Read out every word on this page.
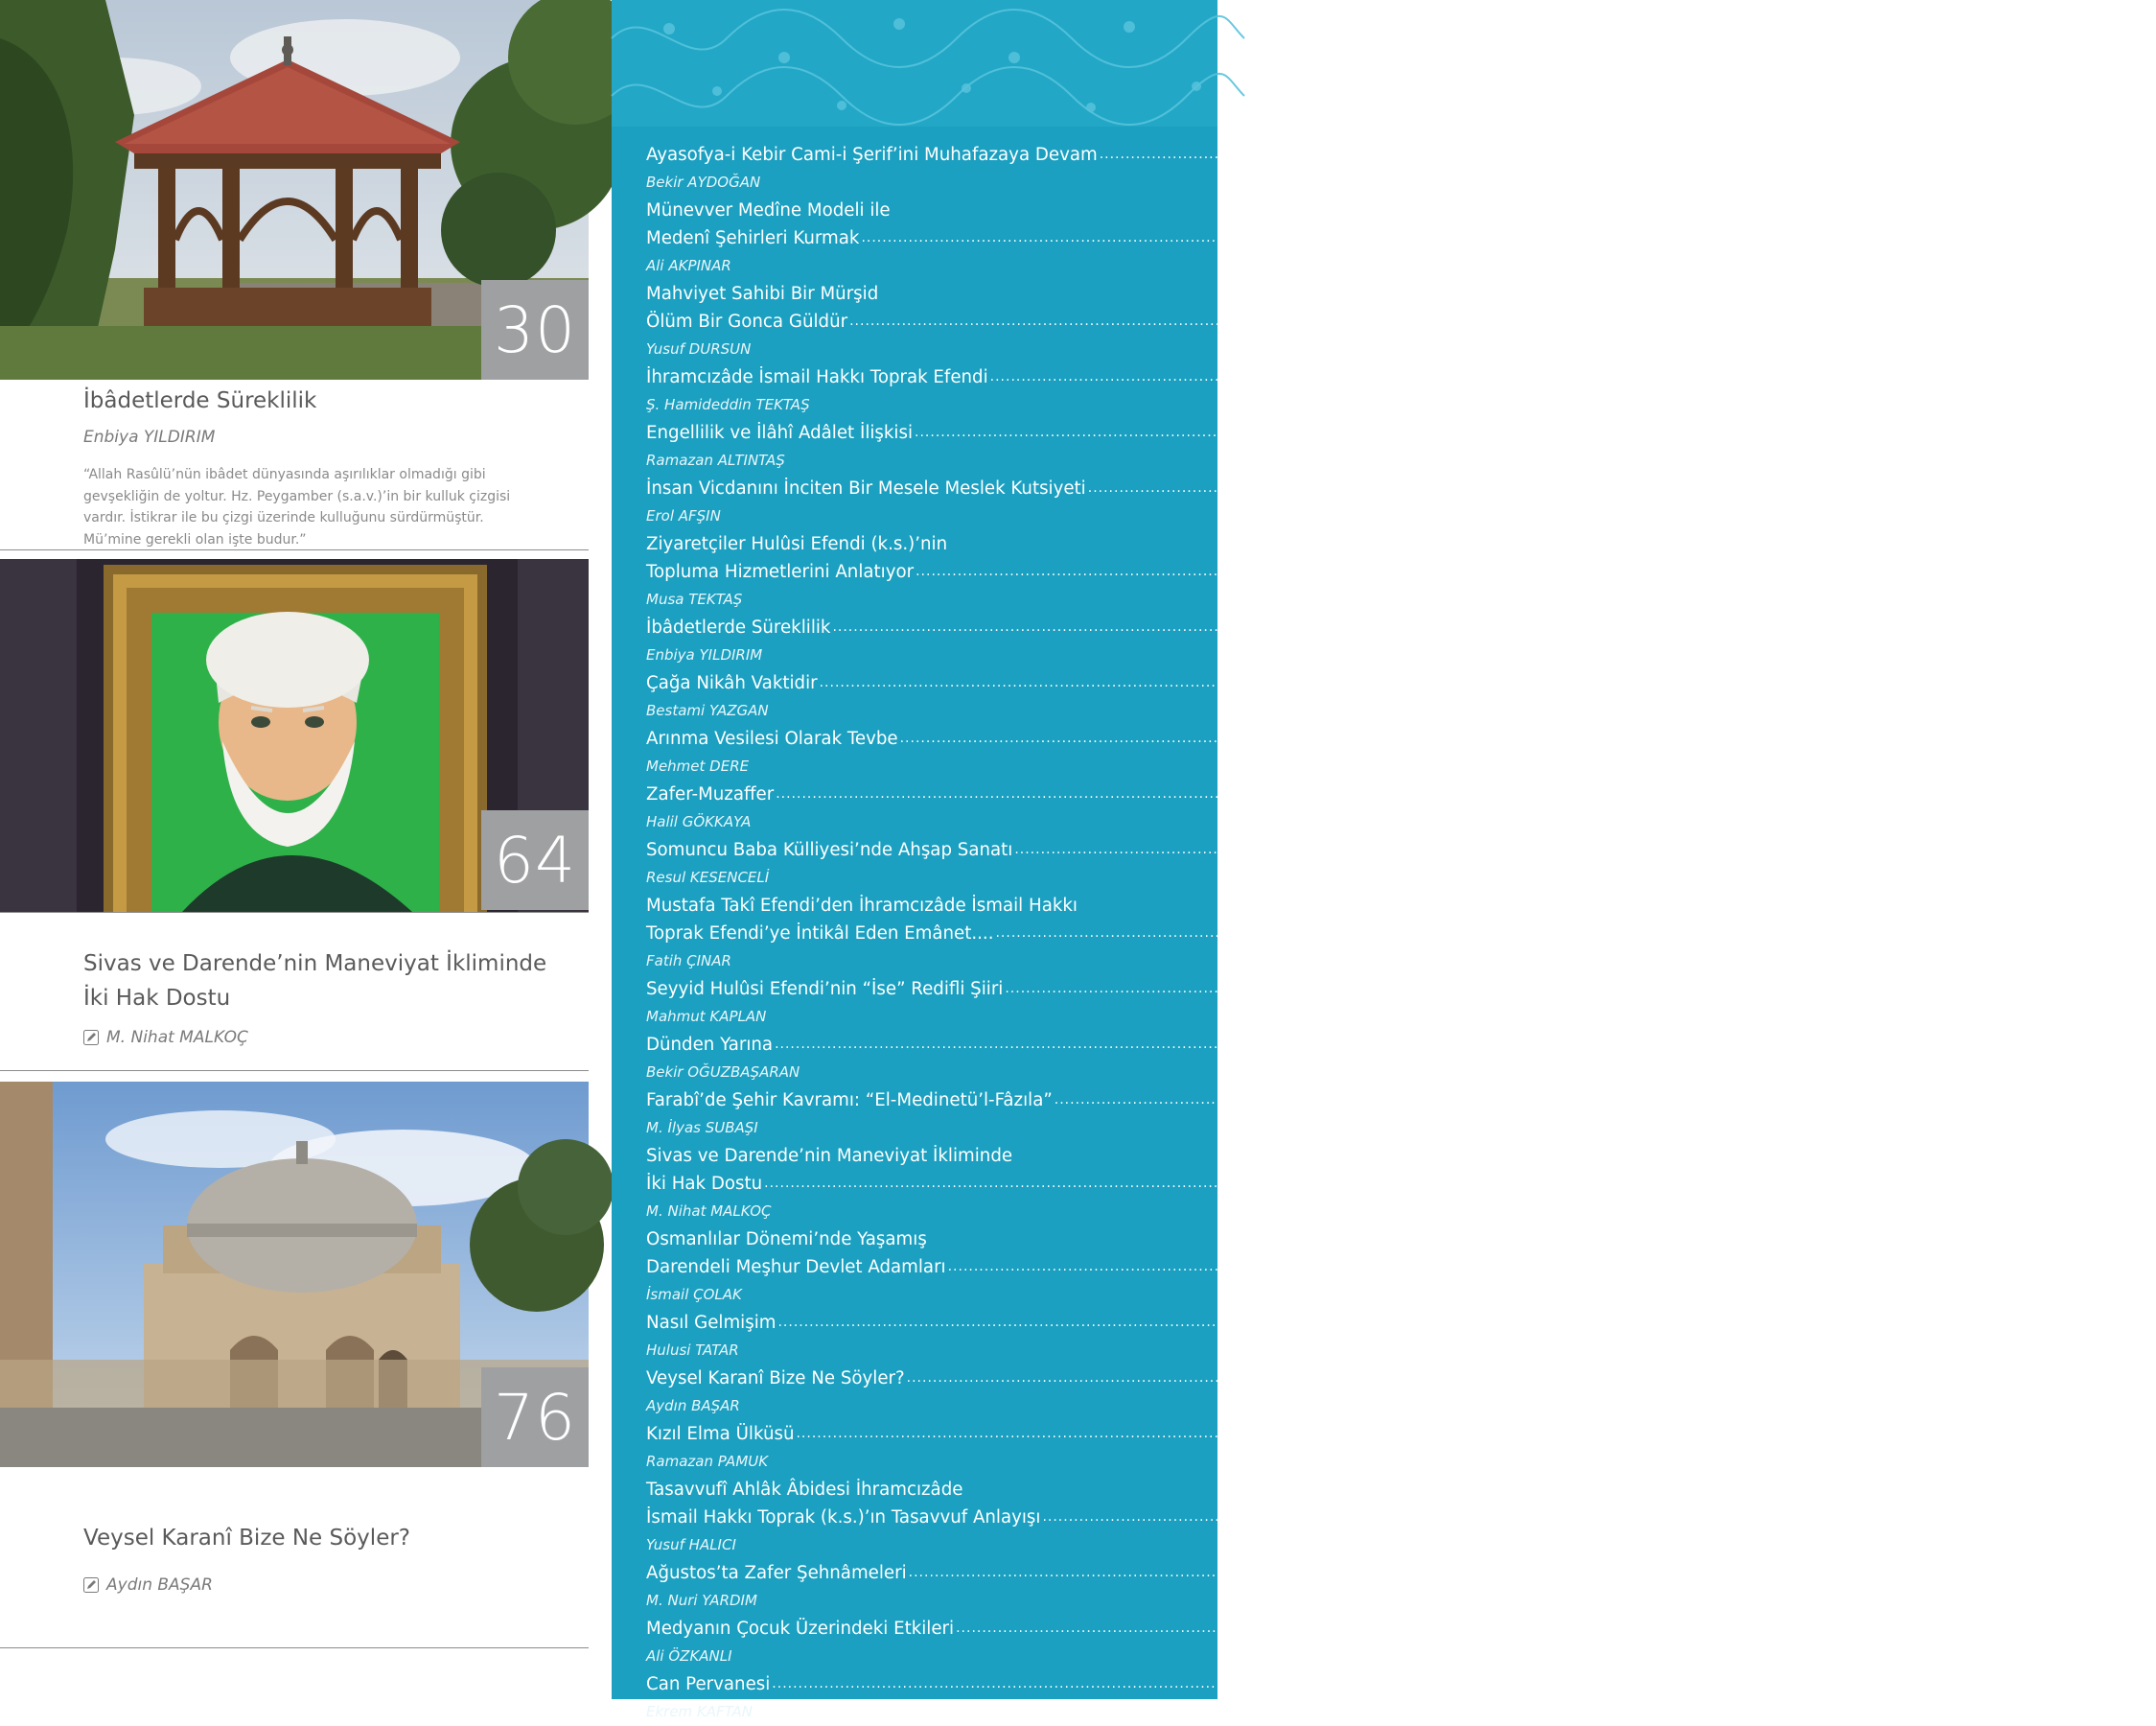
30
İbâdetlerde Süreklilik
Enbiya YILDIRIM
“Allah Rasûlü’nün ibâdet dünyasında aşırılıklar olmadığı gibi gevşekliğin de yoltur. Hz. Peygamber (s.a.v.)’in bir kulluk çizgisi vardır. İstikrar ile bu çizgi üzerinde kulluğunu sürdürmüştür. Mü’mine gerekli olan işte budur.”
64
Sivas ve Darende’nin Maneviyat İkliminde
İki Hak Dostu
M. Nihat MALKOÇ
76
Veysel Karanî Bize Ne Söyler?
Aydın BAŞAR
Ayasofya-i Kebir Cami-i Şerif’ini Muhafazaya Devam ........................................................................................................................................................................................................ 1
Bekir AYDOĞAN
Münevver Medîne Modeli ile
Medenî Şehirleri Kurmak ........................................................................................................................................................................................................ 6
Ali AKPINAR
Mahviyet Sahibi Bir Mürşid
Ölüm Bir Gonca Güldür ........................................................................................................................................................................................................ 11
Yusuf DURSUN
İhramcızâde İsmail Hakkı Toprak Efendi ........................................................................................................................................................................................................ 12
Ş. Hamideddin TEKTAŞ
Engellilik ve İlâhî Adâlet İlişkisi ........................................................................................................................................................................................................ 18
Ramazan ALTINTAŞ
İnsan Vicdanını İnciten Bir Mesele Meslek Kutsiyeti ........................................................................................................................................................................................................ 22
Erol AFŞIN
Ziyaretçiler Hulûsi Efendi (k.s.)’nin
Topluma Hizmetlerini Anlatıyor ........................................................................................................................................................................................................ 24
Musa TEKTAŞ
İbâdetlerde Süreklilik ........................................................................................................................................................................................................ 30
Enbiya YILDIRIM
Çağa Nikâh Vaktidir ........................................................................................................................................................................................................ 35
Bestami YAZGAN
Arınma Vesilesi Olarak Tevbe ........................................................................................................................................................................................................ 36
Mehmet DERE
Zafer-Muzaffer ........................................................................................................................................................................................................ 41
Halil GÖKKAYA
Somuncu Baba Külliyesi’nde Ahşap Sanatı ........................................................................................................................................................................................................ 42
Resul KESENCELİ
Mustafa Takî Efendi’den İhramcızâde İsmail Hakkı
Toprak Efendi’ye İntikâl Eden Emânet.... ........................................................................................................................................................................................................ 48
Fatih ÇINAR
Seyyid Hulûsi Efendi’nin “İse” Redifli Şiiri ........................................................................................................................................................................................................ 52
Mahmut KAPLAN
Dünden Yarına ........................................................................................................................................................................................................ 57
Bekir OĞUZBAŞARAN
Farabî’de Şehir Kavramı: “El-Medinetü’l-Fâzıla” ........................................................................................................................................................................................................ 58
M. İlyas SUBAŞI
Sivas ve Darende’nin Maneviyat İkliminde
İki Hak Dostu ........................................................................................................................................................................................................ 64
M. Nihat MALKOÇ
Osmanlılar Dönemi’nde Yaşamış
Darendeli Meşhur Devlet Adamları ........................................................................................................................................................................................................ 70
İsmail ÇOLAK
Nasıl Gelmişim ........................................................................................................................................................................................................ 75
Hulusi TATAR
Veysel Karanî Bize Ne Söyler? ........................................................................................................................................................................................................ 76
Aydın BAŞAR
Kızıl Elma Ülküsü ........................................................................................................................................................................................................ 81
Ramazan PAMUK
Tasavvufî Ahlâk Âbidesi İhramcızâde
İsmail Hakkı Toprak (k.s.)’ın Tasavvuf Anlayışı ........................................................................................................................................................................................................ 82
Yusuf HALICI
Ağustos’ta Zafer Şehnâmeleri ........................................................................................................................................................................................................ 84
M. Nuri YARDIM
Medyanın Çocuk Üzerindeki Etkileri ........................................................................................................................................................................................................ 88
Ali ÖZKANLI
Can Pervanesi ........................................................................................................................................................................................................ 91
Ekrem KAFTAN
